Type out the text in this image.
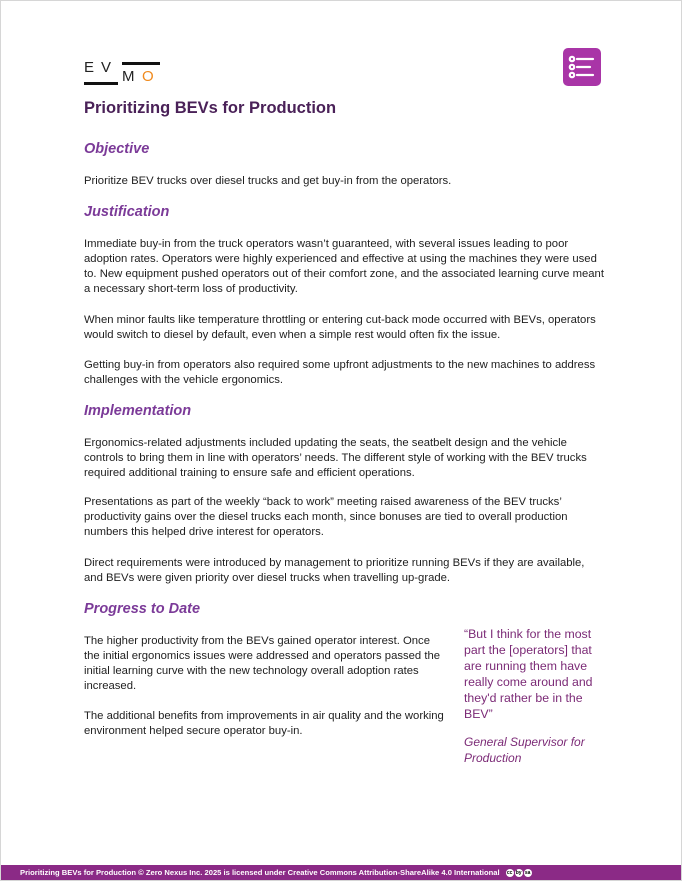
E V
M O
Prioritizing BEVs for Production
Objective

Prioritize BEV trucks over diesel trucks and get buy-in from the operators.

Justification

Immediate buy-in from the truck operators wasn’t guaranteed, with several issues leading to poor adoption rates. Operators were highly experienced and effective at using the machines they were used to. New equipment pushed operators out of their comfort zone, and the associated learning curve meant a necessary short-term loss of productivity.

When minor faults like temperature throttling or entering cut-back mode occurred with BEVs, operators would switch to diesel by default, even when a simple rest would often fix the issue.

Getting buy-in from operators also required some upfront adjustments to the new machines to address challenges with the vehicle ergonomics.

Implementation

Ergonomics-related adjustments included updating the seats, the seatbelt design and the vehicle controls to bring them in line with operators’ needs. The different style of working with the BEV trucks required additional training to ensure safe and efficient operations.

Presentations as part of the weekly “back to work” meeting raised awareness of the BEV trucks’ productivity gains over the diesel trucks each month, since bonuses are tied to overall production numbers this helped drive interest for operators.

Direct requirements were introduced by management to prioritize running BEVs if they are available, and BEVs were given priority over diesel trucks when travelling up-grade.

Progress to Date

The higher productivity from the BEVs gained operator interest. Once the initial ergonomics issues were addressed and operators passed the initial learning curve with the new technology overall adoption rates increased.

The additional benefits from improvements in air quality and the working environment helped secure operator buy-in.

“But I think for the most part the [operators] that are running them have really come around and they'd rather be in the BEV”

General Supervisor for Production

Prioritizing BEVs for Production © Zero Nexus Inc. 2025 is licensed under Creative Commons Attribution-ShareAlike 4.0 International cc by sa
